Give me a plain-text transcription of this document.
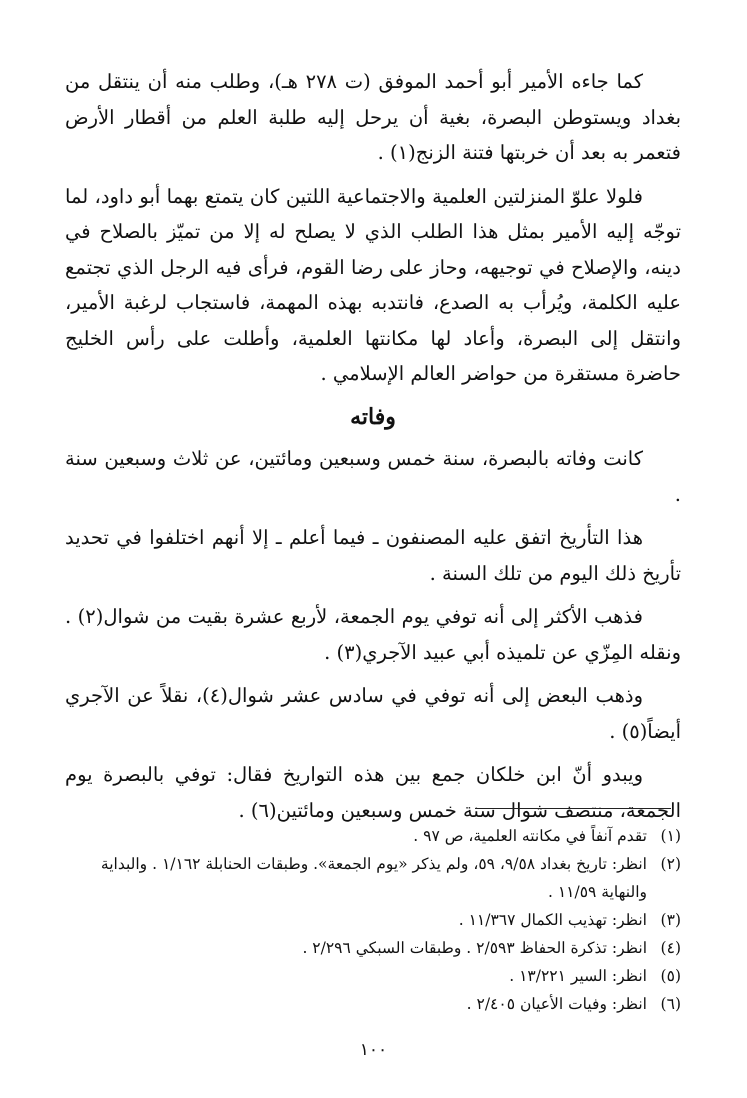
كما جاءه الأمير أبو أحمد الموفق (ت ٢٧٨ هـ)، وطلب منه أن ينتقل من بغداد ويستوطن البصرة، بغية أن يرحل إليه طلبة العلم من أقطار الأرض فتعمر به بعد أن خربتها فتنة الزنج(١) .

فلولا علوّ المنزلتين العلمية والاجتماعية اللتين كان يتمتع بهما أبو داود، لما توجّه إليه الأمير بمثل هذا الطلب الذي لا يصلح له إلا من تميّز بالصلاح في دينه، والإصلاح في توجيهه، وحاز على رضا القوم، فرأى فيه الرجل الذي تجتمع عليه الكلمة، ويُرأب به الصدع، فانتدبه بهذه المهمة، فاستجاب لرغبة الأمير، وانتقل إلى البصرة، وأعاد لها مكانتها العلمية، وأطلت على رأس الخليج حاضرة مستقرة من حواضر العالم الإسلامي .

وفاته

كانت وفاته بالبصرة، سنة خمس وسبعين ومائتين، عن ثلاث وسبعين سنة .

هذا التأريخ اتفق عليه المصنفون ـ فيما أعلم ـ إلا أنهم اختلفوا في تحديد تأريخ ذلك اليوم من تلك السنة .

فذهب الأكثر إلى أنه توفي يوم الجمعة، لأربع عشرة بقيت من شوال(٢) . ونقله المِزّي عن تلميذه أبي عبيد الآجري(٣) .

وذهب البعض إلى أنه توفي في سادس عشر شوال(٤)، نقلاً عن الآجري أيضاً(٥) .

ويبدو أنّ ابن خلكان جمع بين هذه التواريخ فقال: توفي بالبصرة يوم الجمعة، منتصف شوال سنة خمس وسبعين ومائتين(٦) .

(١)
تقدم آنفاً في مكانته العلمية، ص ٩٧ .
(٢)
انظر: تاريخ بغداد ٩/٥٨، ٥٩، ولم يذكر «يوم الجمعة». وطبقات الحنابلة ١/١٦٢ . والبداية والنهاية ١١/٥٩ .
(٣)
انظر: تهذيب الكمال ١١/٣٦٧ .
(٤)
انظر: تذكرة الحفاظ ٢/٥٩٣ . وطبقات السبكي ٢/٢٩٦ .
(٥)
انظر: السير ١٣/٢٢١ .
(٦)
انظر: وفيات الأعيان ٢/٤٠٥ .
١٠٠
